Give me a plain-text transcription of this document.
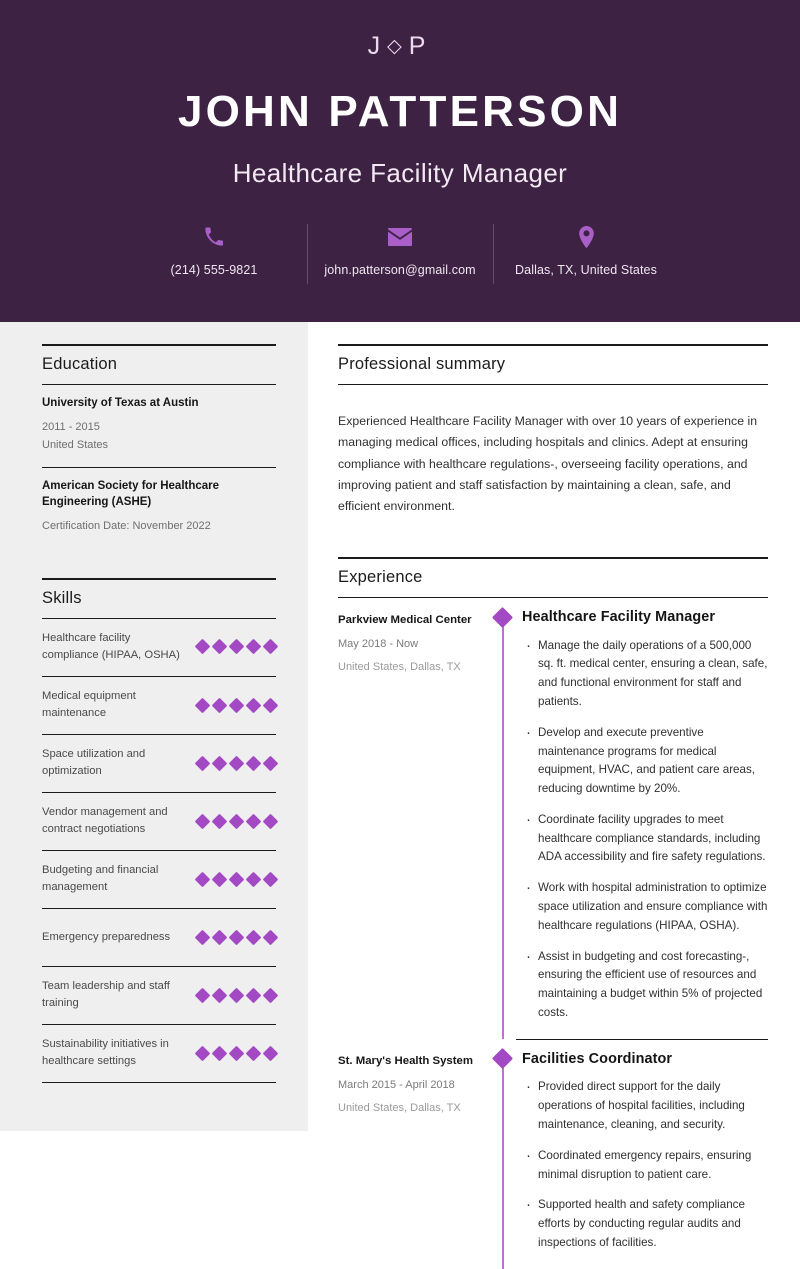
J◇P
JOHN PATTERSON
Healthcare Facility Manager
(214) 555-9821	john.patterson@gmail.com	Dallas, TX, United States
Education
University of Texas at Austin
2011 - 2015
United States
American Society for Healthcare Engineering (ASHE)
Certification Date: November 2022
Skills
Healthcare facility compliance (HIPAA, OSHA)
Medical equipment maintenance
Space utilization and optimization
Vendor management and contract negotiations
Budgeting and financial management
Emergency preparedness
Team leadership and staff training
Sustainability initiatives in healthcare settings
Professional summary

Experienced Healthcare Facility Manager with over 10 years of experience in managing medical offices, including hospitals and clinics. Adept at ensuring compliance with healthcare regulations-, overseeing facility operations, and improving patient and staff satisfaction by maintaining a clean, safe, and efficient environment.

Experience
Parkview Medical Center
May 2018 - Now
United States, Dallas, TX
Healthcare Facility Manager
· Manage the daily operations of a 500,000 sq. ft. medical center, ensuring a clean, safe, and functional environment for staff and patients.
· Develop and execute preventive maintenance programs for medical equipment, HVAC, and patient care areas, reducing downtime by 20%.
· Coordinate facility upgrades to meet healthcare compliance standards, including ADA accessibility and fire safety regulations.
· Work with hospital administration to optimize space utilization and ensure compliance with healthcare regulations (HIPAA, OSHA).
· Assist in budgeting and cost forecasting-, ensuring the efficient use of resources and maintaining a budget within 5% of projected costs.
St. Mary's Health System
March 2015 - April 2018
United States, Dallas, TX
Facilities Coordinator
· Provided direct support for the daily operations of hospital facilities, including maintenance, cleaning, and security.
· Coordinated emergency repairs, ensuring minimal disruption to patient care.
· Supported health and safety compliance efforts by conducting regular audits and inspections of facilities.
